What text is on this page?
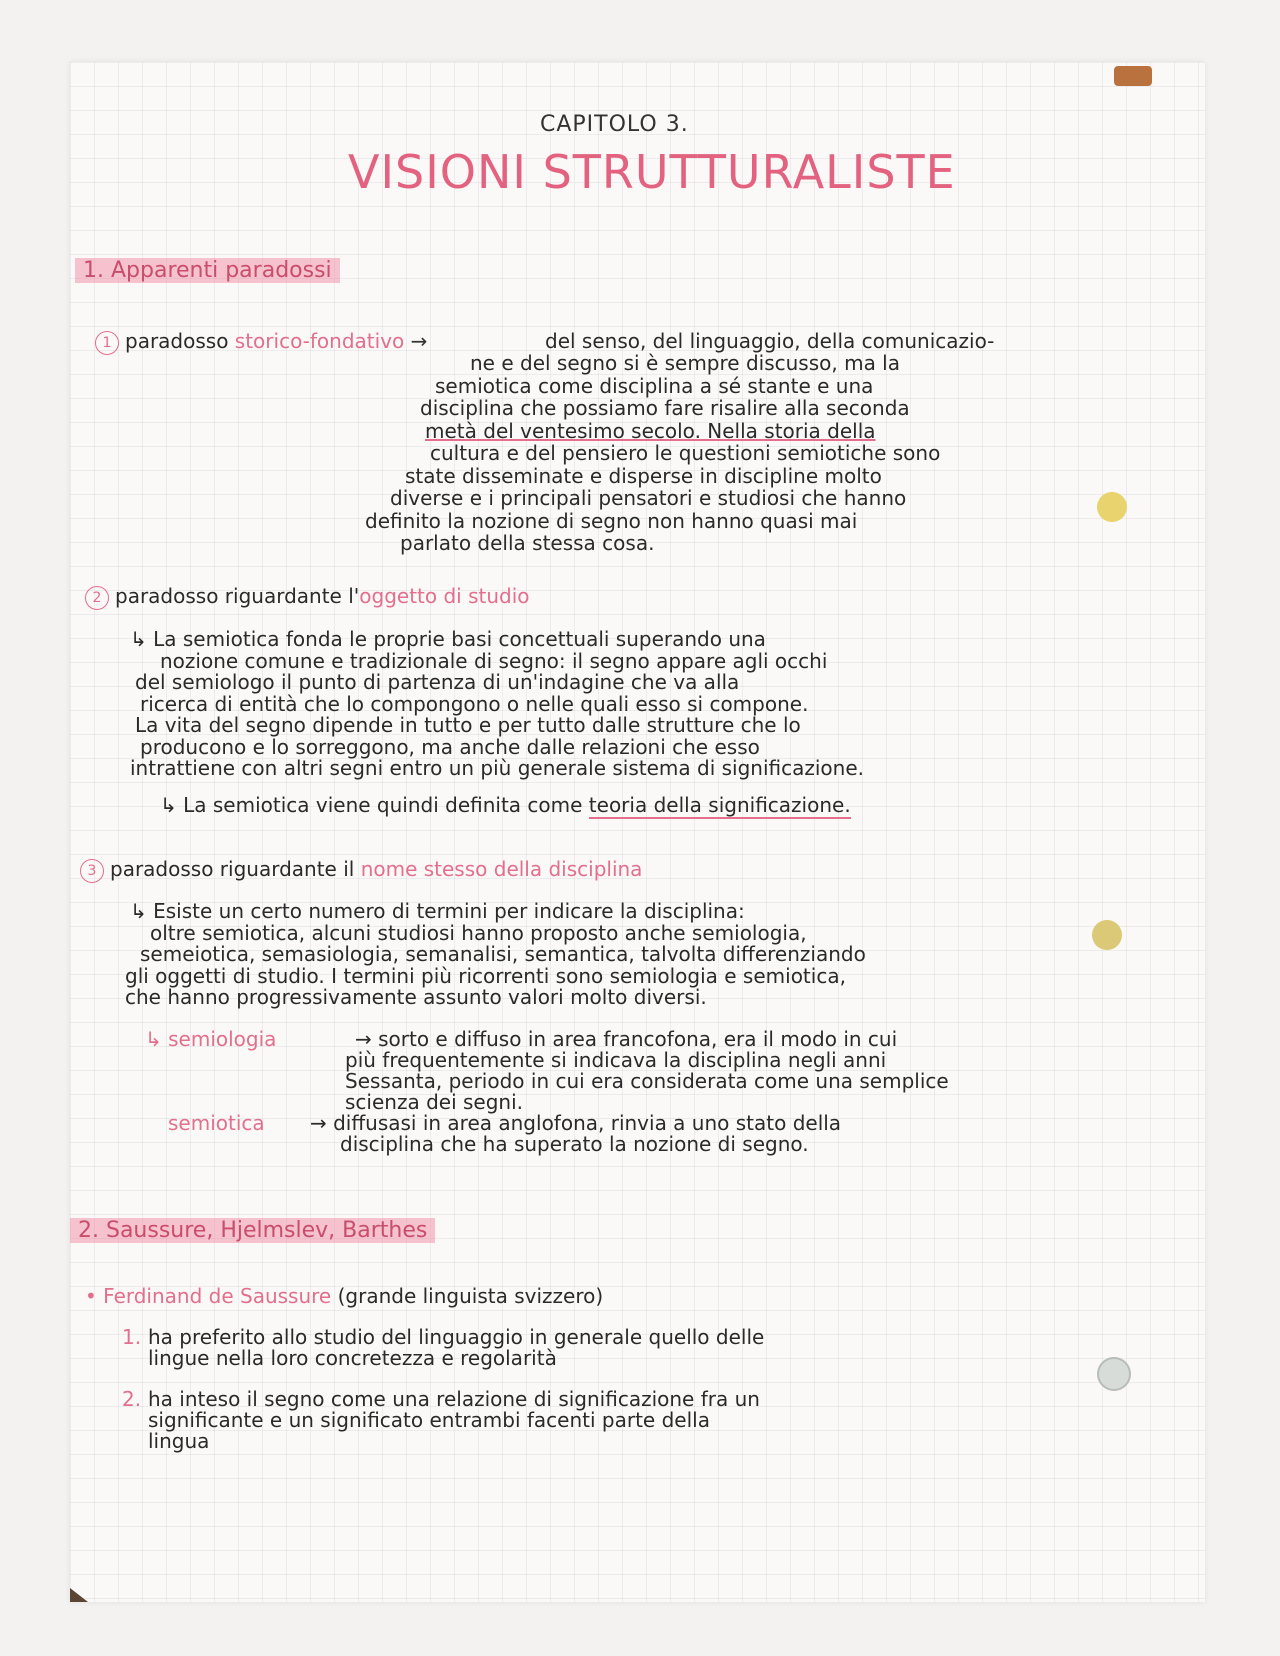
CAPITOLO 3.
VISIONI STRUTTURALISTE
1. Apparenti paradossi
1 paradosso storico-fondativo →	del senso, del linguaggio, della comunicazio-
ne e del segno si è sempre discusso, ma la
semiotica come disciplina a sé stante e una
disciplina che possiamo fare risalire alla seconda
metà del ventesimo secolo. Nella storia della
cultura e del pensiero le questioni semiotiche sono
state disseminate e disperse in discipline molto
diverse e i principali pensatori e studiosi che hanno
definito la nozione di segno non hanno quasi mai
parlato della stessa cosa.
2 paradosso riguardante l'oggetto di studio
↳ La semiotica fonda le proprie basi concettuali superando una
nozione comune e tradizionale di segno: il segno appare agli occhi
del semiologo il punto di partenza di un'indagine che va alla
ricerca di entità che lo compongono o nelle quali esso si compone.
La vita del segno dipende in tutto e per tutto dalle strutture che lo
producono e lo sorreggono, ma anche dalle relazioni che esso
intrattiene con altri segni entro un più generale sistema di significazione.
↳ La semiotica viene quindi definita come teoria della significazione.
3 paradosso riguardante il nome stesso della disciplina
↳ Esiste un certo numero di termini per indicare la disciplina:
oltre semiotica, alcuni studiosi hanno proposto anche semiologia,
semeiotica, semasiologia, semanalisi, semantica, talvolta differenziando
gli oggetti di studio. I termini più ricorrenti sono semiologia e semiotica,
che hanno progressivamente assunto valori molto diversi.
↳ semiologia	→ sorto e diffuso in area francofona, era il modo in cui
più frequentemente si indicava la disciplina negli anni
Sessanta, periodo in cui era considerata come una semplice
scienza dei segni.
semiotica → diffusasi in area anglofona, rinvia a uno stato della
disciplina che ha superato la nozione di segno.
2. Saussure, Hjelmslev, Barthes
• Ferdinand de Saussure (grande linguista svizzero)
1. ha preferito allo studio del linguaggio in generale quello delle
lingue nella loro concretezza e regolarità
2. ha inteso il segno come una relazione di significazione fra un
significante e un significato entrambi facenti parte della
lingua
